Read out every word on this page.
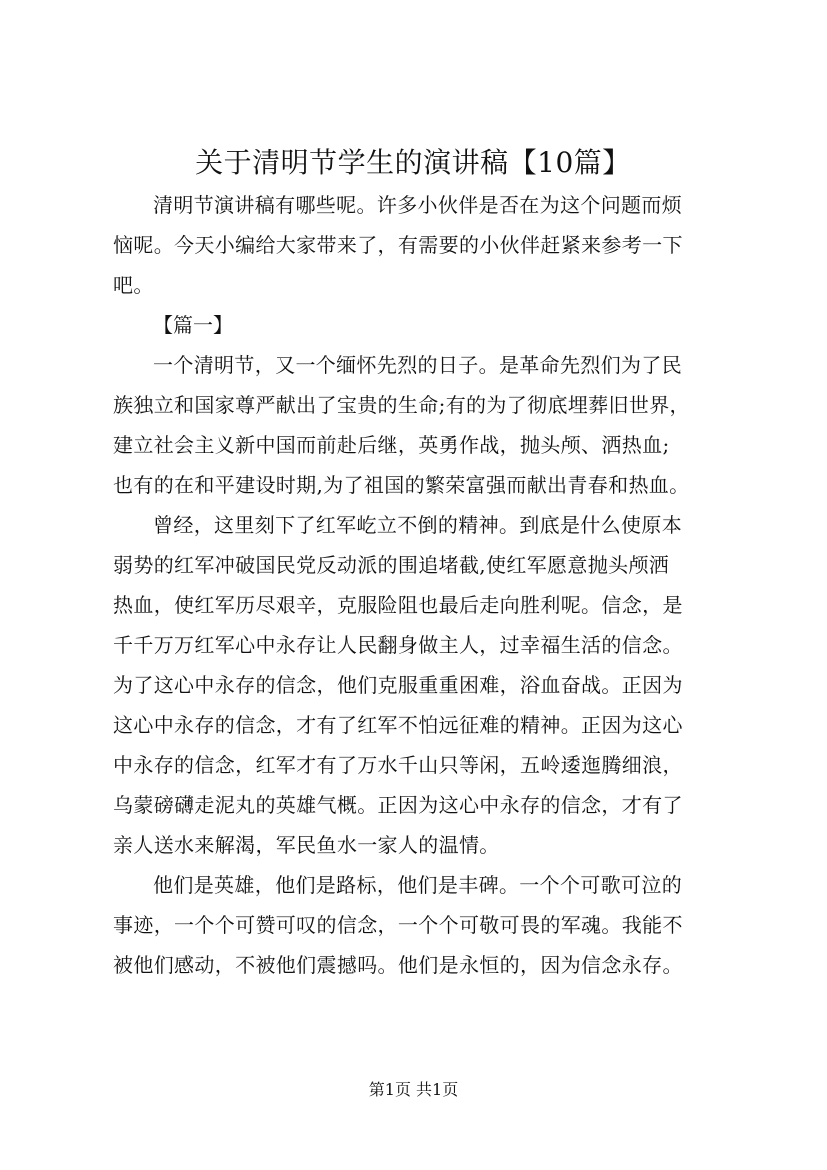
关于清明节学生的演讲稿【10篇】

清明节演讲稿有哪些呢。许多小伙伴是否在为这个问题而烦
恼呢。今天小编给大家带来了，有需要的小伙伴赶紧来参考一下
吧。

【篇一】

一个清明节，又一个缅怀先烈的日子。是革命先烈们为了民
族独立和国家尊严献出了宝贵的生命;有的为了彻底埋葬旧世界，
建立社会主义新中国而前赴后继，英勇作战，抛头颅、洒热血;
也有的在和平建设时期,为了祖国的繁荣富强而献出青春和热血。

曾经，这里刻下了红军屹立不倒的精神。到底是什么使原本
弱势的红军冲破国民党反动派的围追堵截,使红军愿意抛头颅洒
热血，使红军历尽艰辛，克服险阻也最后走向胜利呢。信念，是
千千万万红军心中永存让人民翻身做主人，过幸福生活的信念。
为了这心中永存的信念，他们克服重重困难，浴血奋战。正因为
这心中永存的信念，才有了红军不怕远征难的精神。正因为这心
中永存的信念，红军才有了万水千山只等闲，五岭逶迤腾细浪，
乌蒙磅礴走泥丸的英雄气概。正因为这心中永存的信念，才有了
亲人送水来解渴，军民鱼水一家人的温情。

他们是英雄，他们是路标，他们是丰碑。一个个可歌可泣的
事迹，一个个可赞可叹的信念，一个个可敬可畏的军魂。我能不
被他们感动，不被他们震撼吗。他们是永恒的，因为信念永存。

第1页 共1页
